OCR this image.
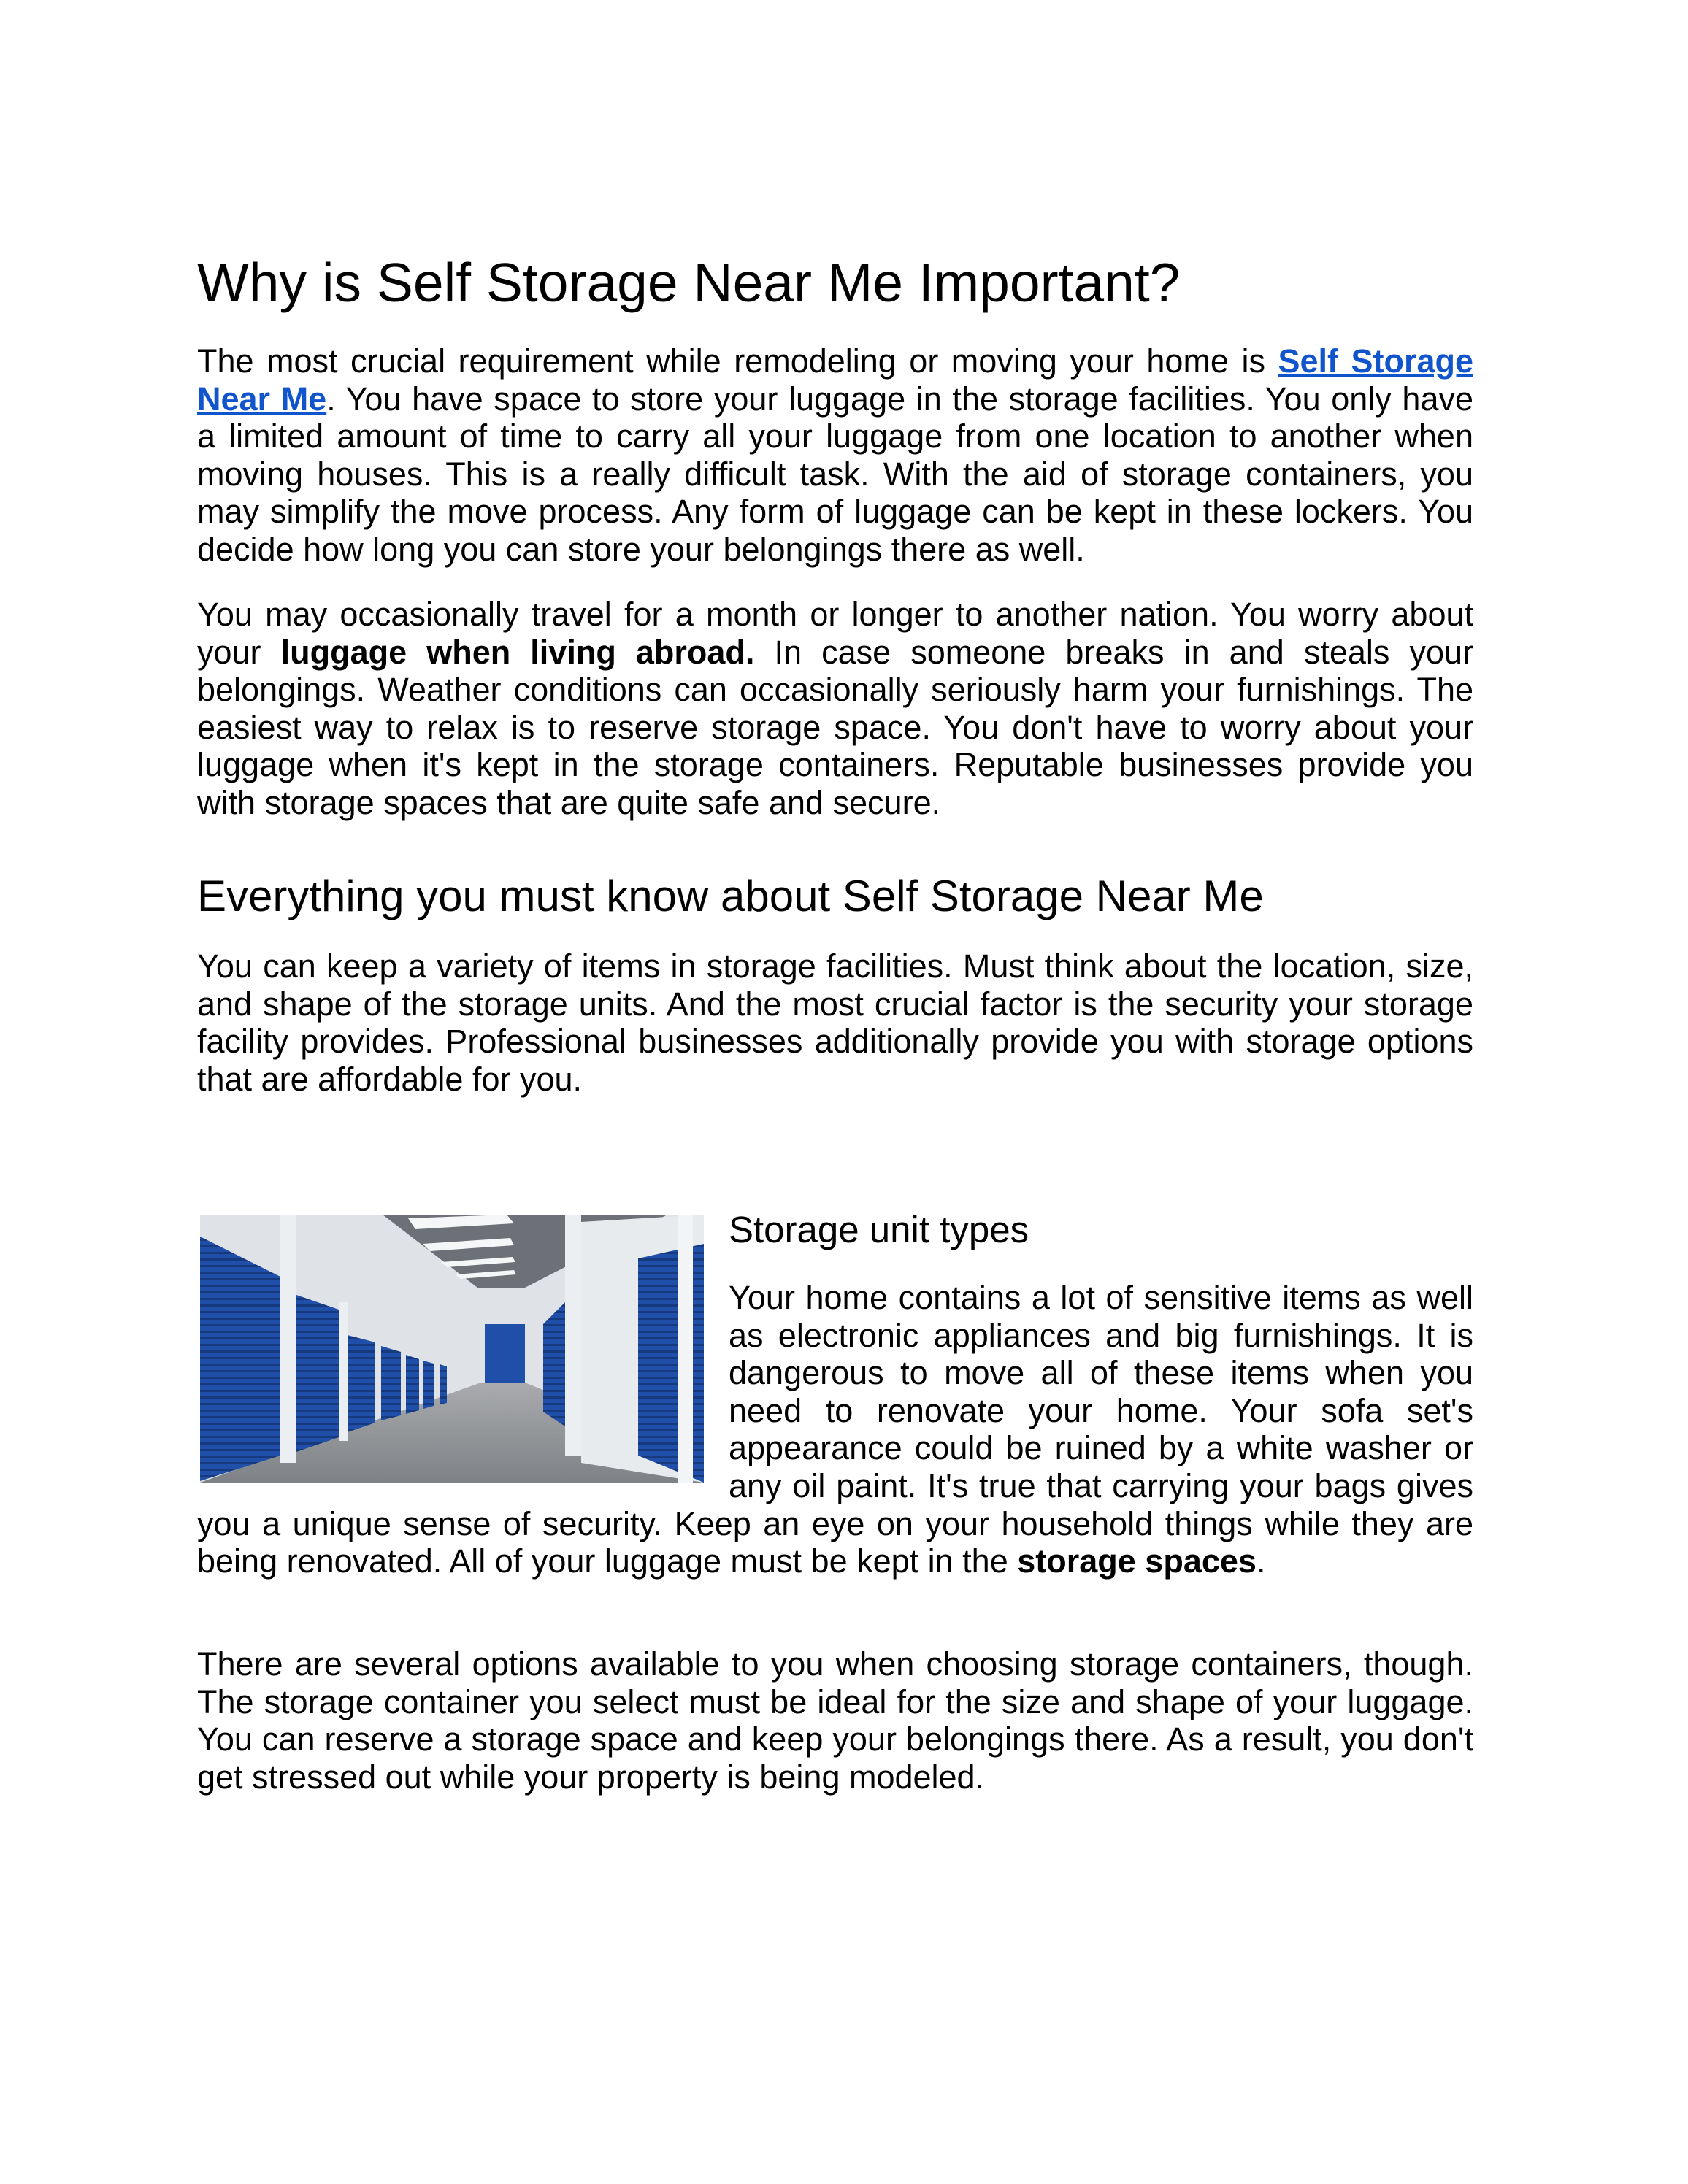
Why is Self Storage Near Me Important?

The most crucial requirement while remodeling or moving your home is Self Storage Near Me. You have space to store your luggage in the storage facilities. You only have a limited amount of time to carry all your luggage from one location to another when moving houses. This is a really difficult task. With the aid of storage containers, you may simplify the move process. Any form of luggage can be kept in these lockers. You decide how long you can store your belongings there as well.

You may occasionally travel for a month or longer to another nation. You worry about your luggage when living abroad. In case someone breaks in and steals your belongings. Weather conditions can occasionally seriously harm your furnishings. The easiest way to relax is to reserve storage space. You don't have to worry about your luggage when it's kept in the storage containers. Reputable businesses provide you with storage spaces that are quite safe and secure.

Everything you must know about Self Storage Near Me

You can keep a variety of items in storage facilities. Must think about the location, size, and shape of the storage units. And the most crucial factor is the security your storage facility provides. Professional businesses additionally provide you with storage options that are affordable for you.

Storage unit types

Your home contains a lot of sensitive items as well as electronic appliances and big furnishings. It is dangerous to move all of these items when you need to renovate your home. Your sofa set's appearance could be ruined by a white washer or any oil paint. It's true that carrying your bags gives you a unique sense of security. Keep an eye on your household things while they are being renovated. All of your luggage must be kept in the storage spaces.

There are several options available to you when choosing storage containers, though. The storage container you select must be ideal for the size and shape of your luggage. You can reserve a storage space and keep your belongings there. As a result, you don't get stressed out while your property is being modeled.
